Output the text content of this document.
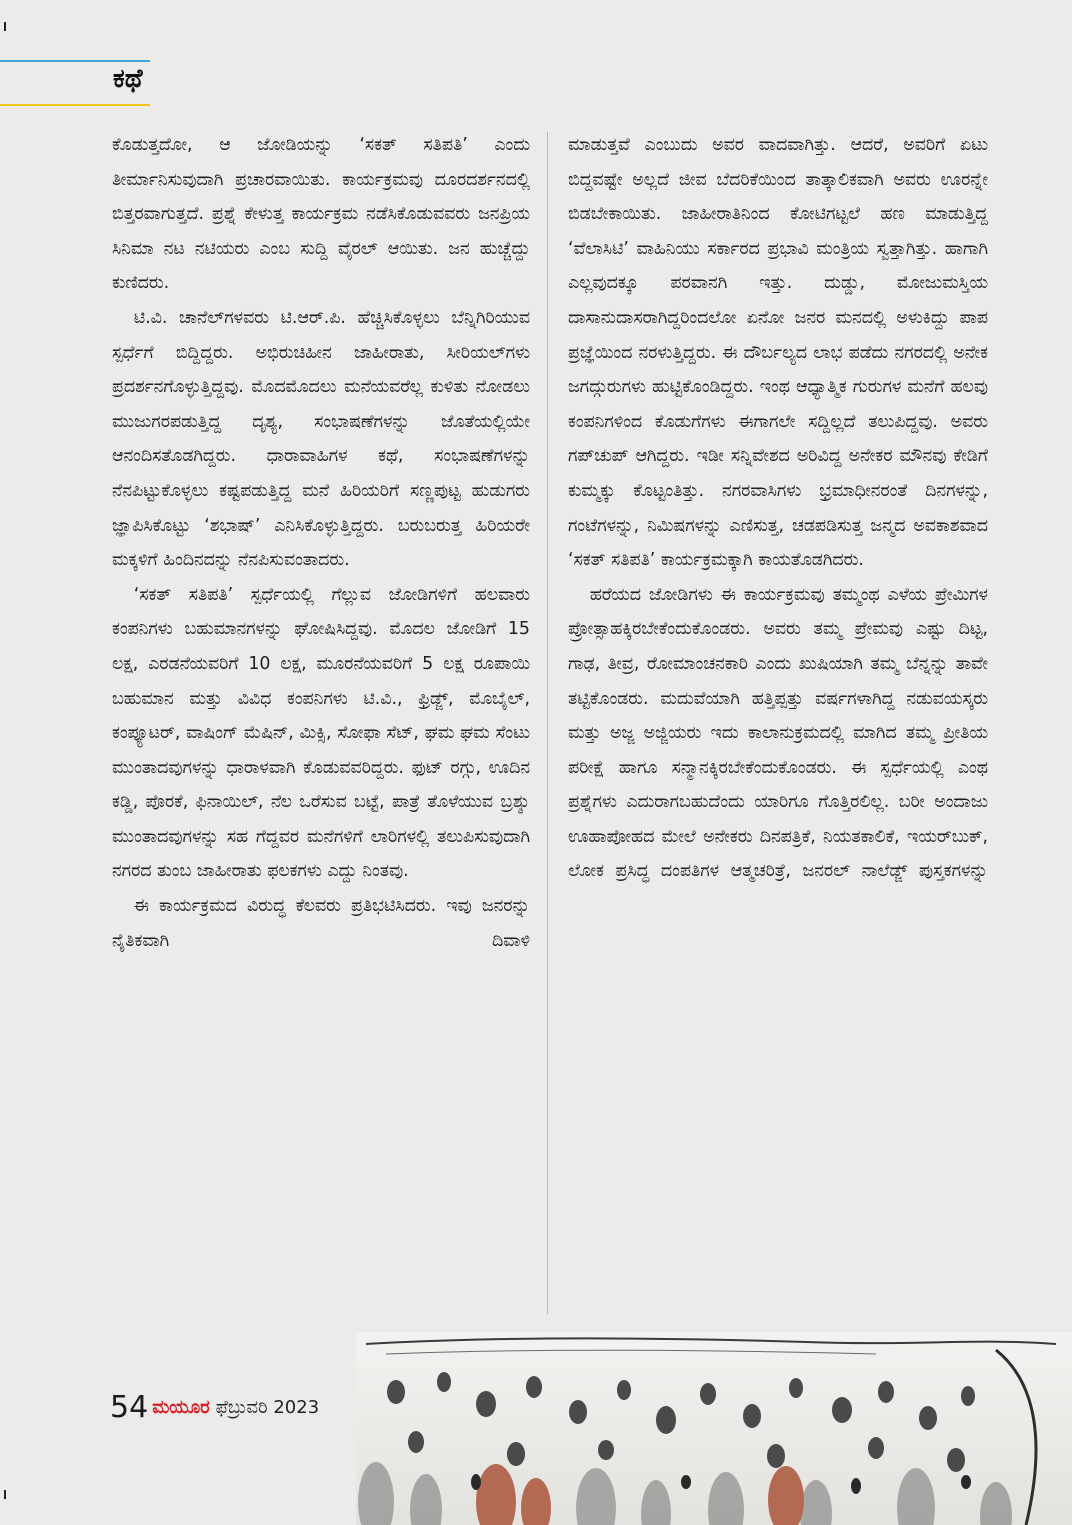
ಕಥೆ

ಕೊಡುತ್ತದೋ, ಆ ಜೋಡಿಯನ್ನು ‘ಸಕತ್ ಸತಿಪತಿ’ ಎಂದು ತೀರ್ಮಾನಿಸುವುದಾಗಿ ಪ್ರಚಾರವಾಯಿತು. ಕಾರ್ಯಕ್ರಮವು ದೂರದರ್ಶನದಲ್ಲಿ ಬಿತ್ತರವಾಗುತ್ತದೆ. ಪ್ರಶ್ನೆ ಕೇಳುತ್ತ ಕಾರ್ಯಕ್ರಮ ನಡೆಸಿಕೊಡುವವರು ಜನಪ್ರಿಯ ಸಿನಿಮಾ ನಟ ನಟಿಯರು ಎಂಬ ಸುದ್ದಿ ವೈರಲ್ ಆಯಿತು. ಜನ ಹುಚ್ಚೆದ್ದು ಕುಣಿದರು.

ಟಿ.ವಿ. ಚಾನೆಲ್‌ಗಳವರು ಟಿ.ಆರ್.ಪಿ. ಹೆಚ್ಚಿಸಿಕೊಳ್ಳಲು ಬೆನ್ನಿಗಿರಿಯುವ ಸ್ಪರ್ಧೆಗೆ ಬಿದ್ದಿದ್ದರು. ಅಭಿರುಚಿಹೀನ ಜಾಹೀರಾತು, ಸೀರಿಯಲ್‌ಗಳು ಪ್ರದರ್ಶನಗೊಳ್ಳುತ್ತಿದ್ದವು. ಮೊದಮೊದಲು ಮನೆಯವರೆಲ್ಲ ಕುಳಿತು ನೋಡಲು ಮುಜುಗರಪಡುತ್ತಿದ್ದ ದೃಶ್ಯ, ಸಂಭಾಷಣೆಗಳನ್ನು ಜೊತೆಯಲ್ಲಿಯೇ ಆನಂದಿಸತೊಡಗಿದ್ದರು. ಧಾರಾವಾಹಿಗಳ ಕಥೆ, ಸಂಭಾಷಣೆಗಳನ್ನು ನೆನಪಿಟ್ಟುಕೊಳ್ಳಲು ಕಷ್ಟಪಡುತ್ತಿದ್ದ ಮನೆ ಹಿರಿಯರಿಗೆ ಸಣ್ಣಪುಟ್ಟ ಹುಡುಗರು ಜ್ಞಾಪಿಸಿಕೊಟ್ಟು ‘ಶಭಾಷ್’ ಎನಿಸಿಕೊಳ್ಳುತ್ತಿದ್ದರು. ಬರುಬರುತ್ತ ಹಿರಿಯರೇ ಮಕ್ಕಳಿಗೆ ಹಿಂದಿನದನ್ನು ನೆನಪಿಸುವಂತಾದರು.

‘ಸಕತ್ ಸತಿಪತಿ’ ಸ್ಪರ್ಧೆಯಲ್ಲಿ ಗೆಲ್ಲುವ ಜೋಡಿಗಳಿಗೆ ಹಲವಾರು ಕಂಪನಿಗಳು ಬಹುಮಾನಗಳನ್ನು ಘೋಷಿಸಿದ್ದವು. ಮೊದಲ ಜೋಡಿಗೆ 15 ಲಕ್ಷ, ಎರಡನೆಯವರಿಗೆ 10 ಲಕ್ಷ, ಮೂರನೆಯವರಿಗೆ 5 ಲಕ್ಷ ರೂಪಾಯಿ ಬಹುಮಾನ ಮತ್ತು ವಿವಿಧ ಕಂಪನಿಗಳು ಟಿ.ವಿ., ಫ್ರಿಡ್ಜ್, ಮೊಬೈಲ್, ಕಂಪ್ಯೂಟರ್, ವಾಷಿಂಗ್ ಮೆಷಿನ್, ಮಿಕ್ಸಿ, ಸೋಫಾ ಸೆಟ್, ಘಮ ಘಮ ಸೆಂಟು ಮುಂತಾದವುಗಳನ್ನು ಧಾರಾಳವಾಗಿ ಕೊಡುವವರಿದ್ದರು. ಫುಟ್ ರಗ್ಗು, ಊದಿನ ಕಡ್ಡಿ, ಪೊರಕೆ, ಫಿನಾಯಿಲ್, ನೆಲ ಒರೆಸುವ ಬಟ್ಟೆ, ಪಾತ್ರೆ ತೊಳೆಯುವ ಬ್ರಶ್ಶು ಮುಂತಾದವುಗಳನ್ನು ಸಹ ಗೆದ್ದವರ ಮನೆಗಳಿಗೆ ಲಾರಿಗಳಲ್ಲಿ ತಲುಪಿಸುವುದಾಗಿ ನಗರದ ತುಂಬ ಜಾಹೀರಾತು ಫಲಕಗಳು ಎದ್ದು ನಿಂತವು.

ಈ ಕಾರ್ಯಕ್ರಮದ ವಿರುದ್ಧ ಕೆಲವರು ಪ್ರತಿಭಟಿಸಿದರು. ಇವು ಜನರನ್ನು ನೈತಿಕವಾಗಿ ದಿವಾಳಿ

ಮಾಡುತ್ತವೆ ಎಂಬುದು ಅವರ ವಾದವಾಗಿತ್ತು. ಆದರೆ, ಅವರಿಗೆ ಏಟು ಬಿದ್ದವಷ್ಟೇ ಅಲ್ಲದೆ ಜೀವ ಬೆದರಿಕೆಯಿಂದ ತಾತ್ಕಾಲಿಕವಾಗಿ ಅವರು ಊರನ್ನೇ ಬಿಡಬೇಕಾಯಿತು. ಜಾಹೀರಾತಿನಿಂದ ಕೋಟಿಗಟ್ಟಲೆ ಹಣ ಮಾಡುತ್ತಿದ್ದ ‘ವೆಲಾಸಿಟಿ’ ವಾಹಿನಿಯು ಸರ್ಕಾರದ ಪ್ರಭಾವಿ ಮಂತ್ರಿಯ ಸ್ವತ್ತಾಗಿತ್ತು. ಹಾಗಾಗಿ ಎಲ್ಲವುದಕ್ಕೂ ಪರವಾನಗಿ ಇತ್ತು. ದುಡ್ಡು, ಮೋಜುಮಸ್ತಿಯ ದಾಸಾನುದಾಸರಾಗಿದ್ದರಿಂದಲೋ ಏನೋ ಜನರ ಮನದಲ್ಲಿ ಅಳುಕಿದ್ದು ಪಾಪ ಪ್ರಜ್ಞೆಯಿಂದ ನರಳುತ್ತಿದ್ದರು. ಈ ದೌರ್ಬಲ್ಯದ ಲಾಭ ಪಡೆದು ನಗರದಲ್ಲಿ ಅನೇಕ ಜಗದ್ಗುರುಗಳು ಹುಟ್ಟಿಕೊಂಡಿದ್ದರು. ಇಂಥ ಆಧ್ಯಾತ್ಮಿಕ ಗುರುಗಳ ಮನೆಗೆ ಹಲವು ಕಂಪನಿಗಳಿಂದ ಕೊಡುಗೆಗಳು ಈಗಾಗಲೇ ಸದ್ದಿಲ್ಲದೆ ತಲುಪಿದ್ದವು. ಅವರು ಗಪ್‌ಚುಪ್ ಆಗಿದ್ದರು. ಇಡೀ ಸನ್ನಿವೇಶದ ಅರಿವಿದ್ದ ಅನೇಕರ ಮೌನವು ಕೇಡಿಗೆ ಕುಮ್ಮಕ್ಕು ಕೊಟ್ಟಂತಿತ್ತು. ನಗರವಾಸಿಗಳು ಭ್ರಮಾಧೀನರಂತೆ ದಿನಗಳನ್ನು, ಗಂಟೆಗಳನ್ನು, ನಿಮಿಷಗಳನ್ನು ಎಣಿಸುತ್ತ, ಚಡಪಡಿಸುತ್ತ ಜನ್ಮದ ಅವಕಾಶವಾದ ‘ಸಕತ್ ಸತಿಪತಿ’ ಕಾರ್ಯಕ್ರಮಕ್ಕಾಗಿ ಕಾಯತೊಡಗಿದರು.

ಹರೆಯದ ಜೋಡಿಗಳು ಈ ಕಾರ್ಯಕ್ರಮವು ತಮ್ಮಂಥ ಎಳೆಯ ಪ್ರೇಮಿಗಳ ಪ್ರೋತ್ಸಾಹಕ್ಕಿರಬೇಕೆಂದುಕೊಂಡರು. ಅವರು ತಮ್ಮ ಪ್ರೇಮವು ಎಷ್ಟು ದಿಟ್ಟ, ಗಾಢ, ತೀವ್ರ, ರೋಮಾಂಚನಕಾರಿ ಎಂದು ಖುಷಿಯಾಗಿ ತಮ್ಮ ಬೆನ್ನನ್ನು ತಾವೇ ತಟ್ಟಿಕೊಂಡರು. ಮದುವೆಯಾಗಿ ಹತ್ತಿಪ್ಪತ್ತು ವರ್ಷಗಳಾಗಿದ್ದ ನಡುವಯಸ್ಕರು ಮತ್ತು ಅಜ್ಜ ಅಜ್ಜಿಯರು ಇದು ಕಾಲಾನುಕ್ರಮದಲ್ಲಿ ಮಾಗಿದ ತಮ್ಮ ಪ್ರೀತಿಯ ಪರೀಕ್ಷೆ ಹಾಗೂ ಸನ್ಮಾನಕ್ಕಿರಬೇಕೆಂದುಕೊಂಡರು. ಈ ಸ್ಪರ್ಧೆಯಲ್ಲಿ ಎಂಥ ಪ್ರಶ್ನೆಗಳು ಎದುರಾಗಬಹುದೆಂದು ಯಾರಿಗೂ ಗೊತ್ತಿರಲಿಲ್ಲ. ಬರೀ ಅಂದಾಜು ಊಹಾಪೋಹದ ಮೇಲೆ ಅನೇಕರು ದಿನಪತ್ರಿಕೆ, ನಿಯತಕಾಲಿಕೆ, ಇಯರ್‌ಬುಕ್, ಲೋಕ ಪ್ರಸಿದ್ಧ ದಂಪತಿಗಳ ಆತ್ಮಚರಿತ್ರೆ, ಜನರಲ್ ನಾಲೆಡ್ಜ್ ಪುಸ್ತಕಗಳನ್ನು

54 ಮಯೂರ ಫೆಬ್ರುವರಿ 2023
